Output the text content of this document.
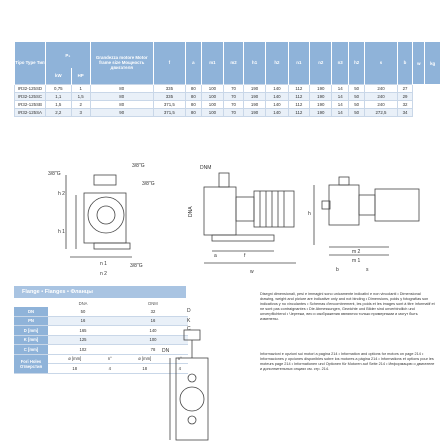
Tipo Type Тип	P₂		Grandezza motore Motor frame size Мощность двигателя	f	a	m1	m2	h1	h2	n1	n2	n3	h2	s	b	w	kg
	kW	HP															
IR32-125SD	0,75	1	80	335	80	100	70	190	140	112	190	14	50	240	27		
IR32-125SC	1,1	1,5	80	335	80	100	70	190	140	112	190	14	50	240	29		
IR32-125SB	1,5	2	80	371,5	80	100	70	190	140	112	190	14	50	240	32		
IR32-125SA	2,2	3	90	371,5	80	100	70	190	140	112	190	14	50	272,5	34		
3/8"G
3/8"G
3/8"G
3/8"G
h 2
h 1
n 1
n 2
DNM
DNA
a	f
w
h
m 2
m 1
b	s
Flange • Flanges • Фланцы
	DNA		DNM	
DN	50		32	
PN	16		16	
D [mm]	165		140	
K [mm]	125		100	
C [mm]	102		78	
Fori Holes Отверстия	ø [mm]	n°	ø [mm]	n°
	18	4	18	4
D
K
C
DN
Disegni dimensionali, pesi e immagini sono unicamente indicativi e non vincolanti • Dimensional drawing, weight and picture are indicative only and not binding • Dimensions, poids y fotografías son indicativos y no vinculantes • Schemas d'encombrement, les poids et les images sont à titre informatif et ne sont pas contraignantes • Die Abmessungen, Gewichte und Bilder sind unverbindlich und unverpflichtend • Чертежи, вес и изображения являются только примерными и могут быть изменены.
Informazioni e opzioni sui motori a pagina 214 • Information and options for motors on page 214 • Informaciones y opciones disponibles sobre los motores a página 214 • Informations et options pour les moteurs page 214 • Informationen und Optionen für Motoren auf Seite 214 • Информацию о двигателе и дополнительных опциях см. стр. 214.
